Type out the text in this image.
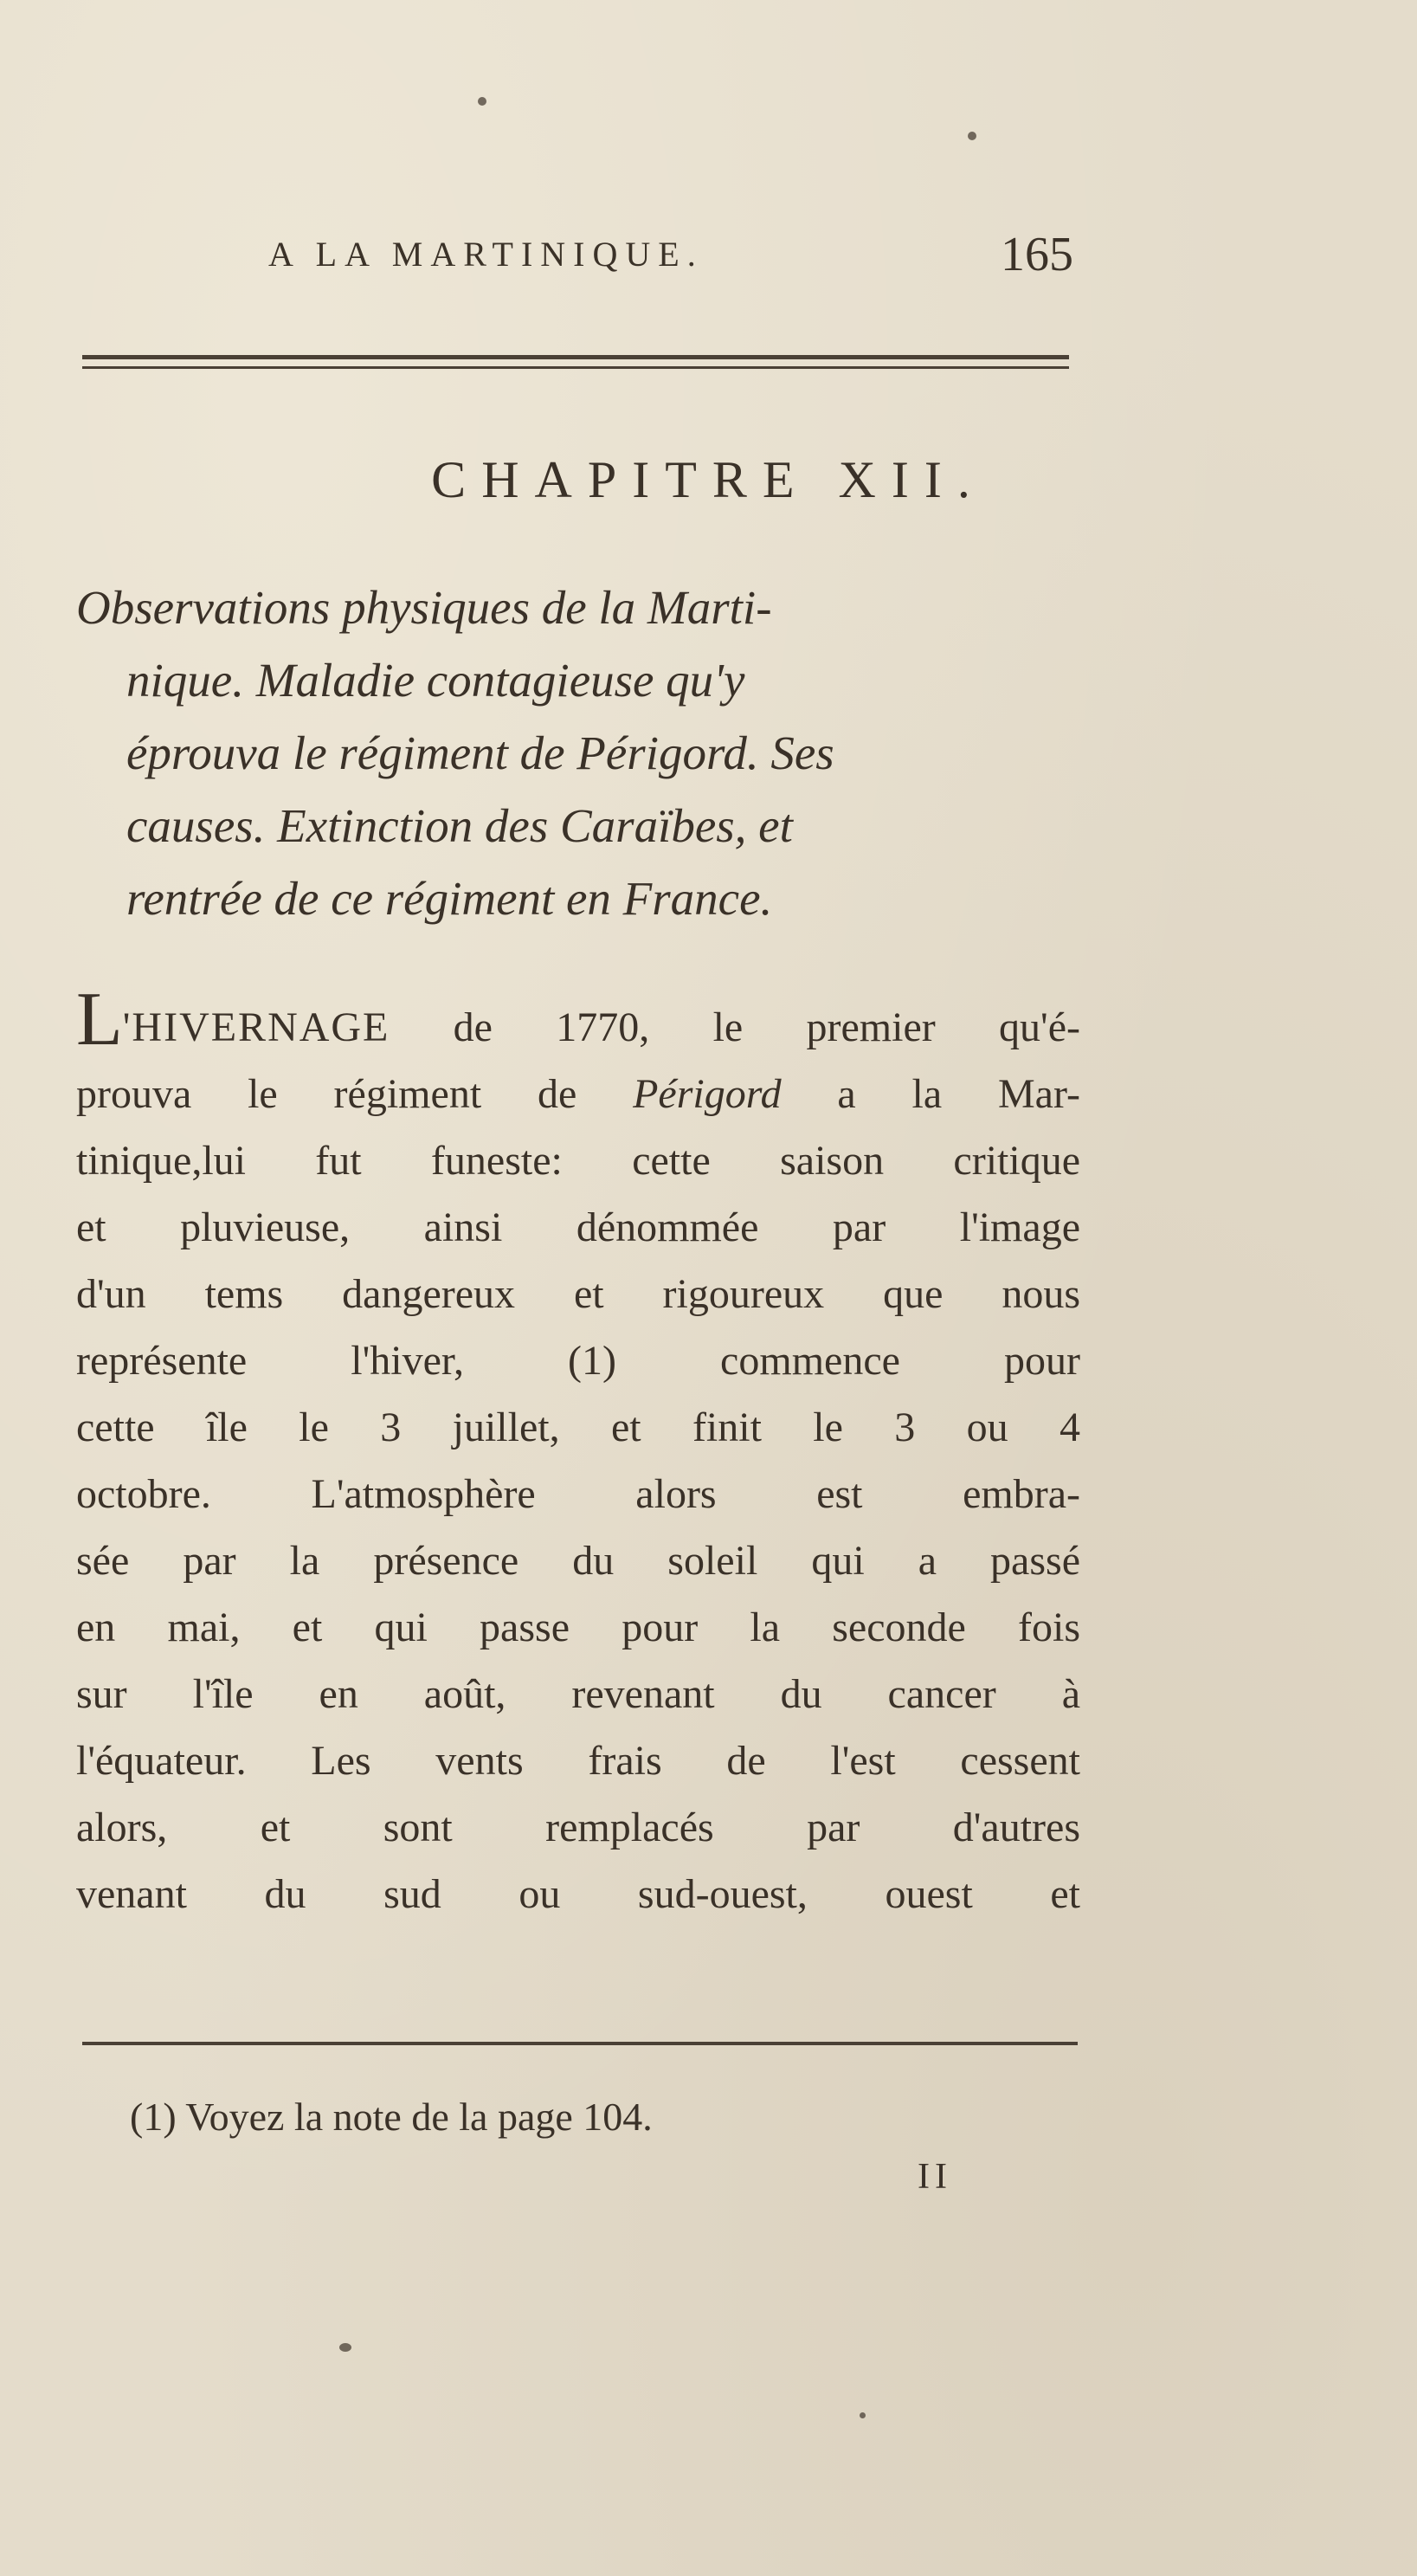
A LA MARTINIQUE.	165
CHAPITRE XII.
Observations physiques de la Marti-
nique. Maladie contagieuse qu'y
éprouva le régiment de Périgord. Ses
causes. Extinction des Caraïbes, et
rentrée de ce régiment en France.
L'HIVERNAGE de 1770, le premier qu'é-
prouva le régiment de Périgord a la Mar-
tinique,lui fut funeste: cette saison critique
et pluvieuse, ainsi dénommée par l'image
d'un tems dangereux et rigoureux que nous
représente l'hiver, (1) commence pour
cette île le 3 juillet, et finit le 3 ou 4
octobre. L'atmosphère alors est embra-
sée par la présence du soleil qui a passé
en mai, et qui passe pour la seconde fois
sur l'île en août, revenant du cancer à
l'équateur. Les vents frais de l'est cessent
alors, et sont remplacés par d'autres
venant du sud ou sud-ouest, ouest et
(1) Voyez la note de la page 104.
II
